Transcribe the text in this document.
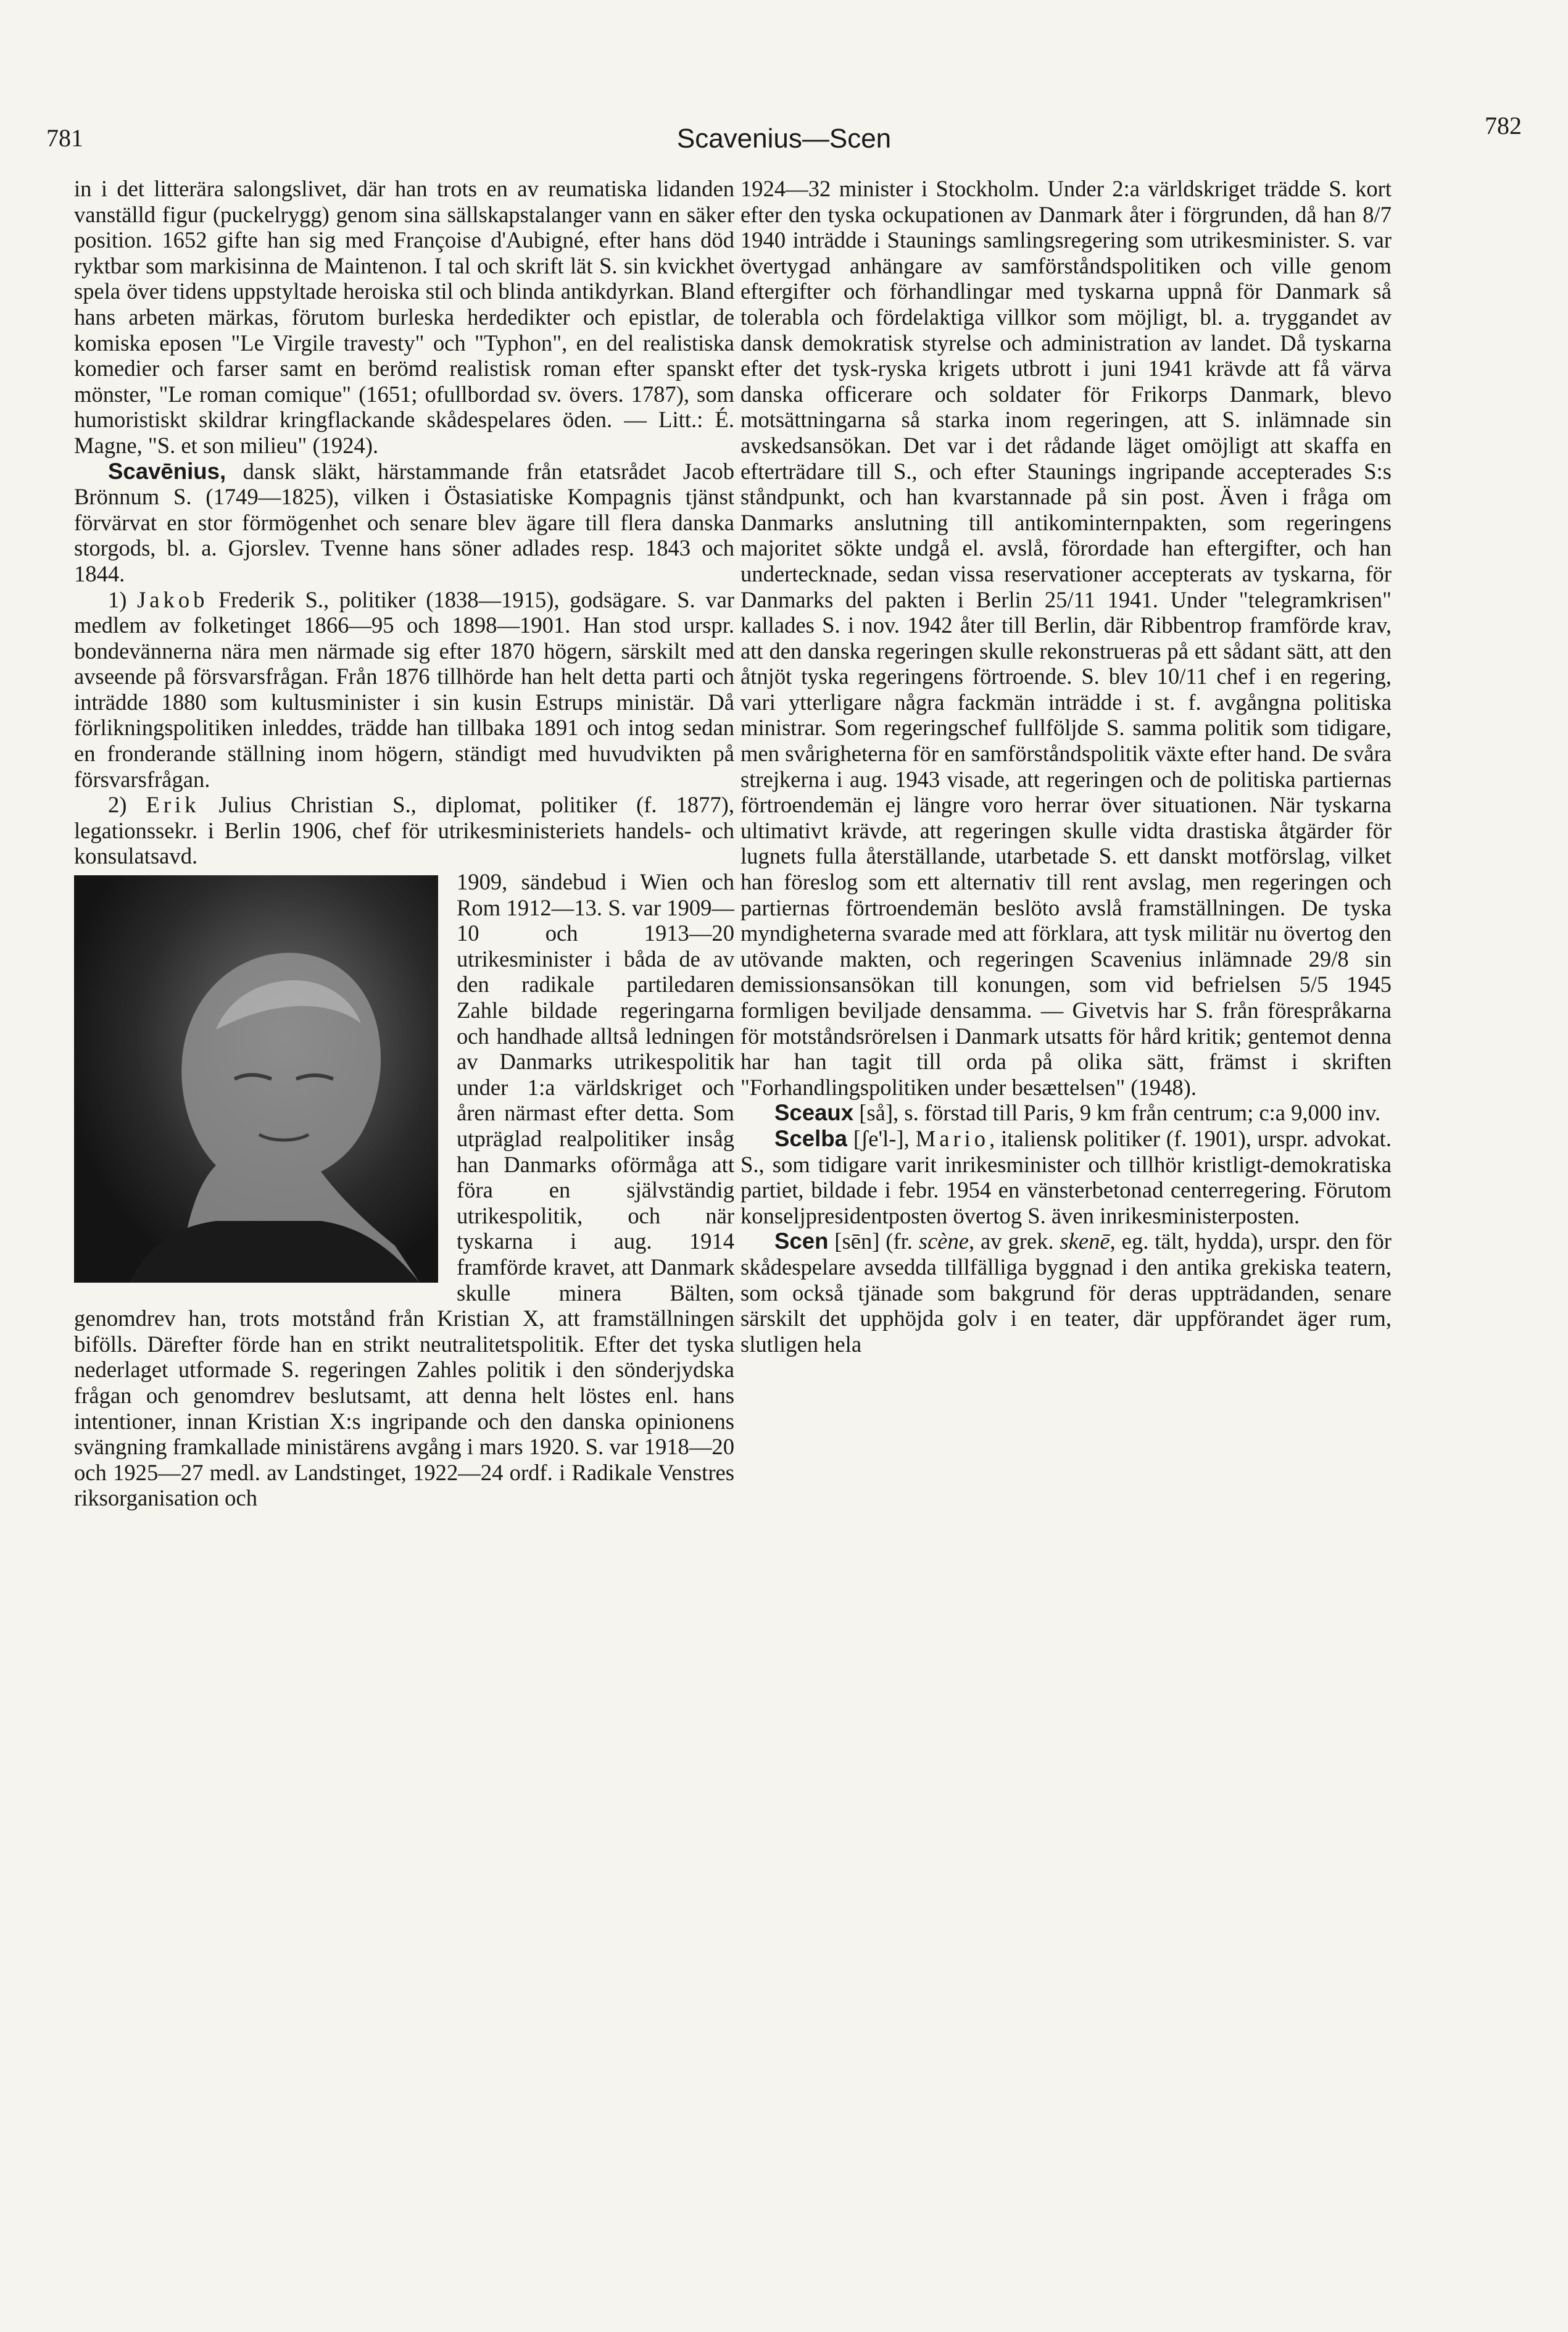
781	Scavenius—Scen	782

in i det litterära salongslivet, där han trots en av reumatiska lidanden vanställd figur (puckelrygg) genom sina sällskapstalanger vann en säker position. 1652 gifte han sig med Françoise d'Aubigné, efter hans död ryktbar som markisinna de Maintenon. I tal och skrift lät S. sin kvickhet spela över tidens uppstyltade heroiska stil och blinda antikdyrkan. Bland hans arbeten märkas, förutom burleska herdedikter och epistlar, de komiska eposen "Le Virgile travesty" och "Typhon", en del realistiska komedier och farser samt en berömd realistisk roman efter spanskt mönster, "Le roman comique" (1651; ofullbordad sv. övers. 1787), som humoristiskt skildrar kringflackande skådespelares öden. — Litt.: É. Magne, "S. et son milieu" (1924).

Scavēnius, dansk släkt, härstammande från etatsrådet Jacob Brönnum S. (1749—1825), vilken i Östasiatiske Kompagnis tjänst förvärvat en stor förmögenhet och senare blev ägare till flera danska storgods, bl. a. Gjorslev. Tvenne hans söner adlades resp. 1843 och 1844.

1) Jakob Frederik S., politiker (1838—1915), godsägare. S. var medlem av folketinget 1866—95 och 1898—1901. Han stod urspr. bondevännerna nära men närmade sig efter 1870 högern, särskilt med avseende på försvarsfrågan. Från 1876 tillhörde han helt detta parti och inträdde 1880 som kultusminister i sin kusin Estrups ministär. Då förlikningspolitiken inleddes, trädde han tillbaka 1891 och intog sedan en fronderande ställning inom högern, ständigt med huvudvikten på försvarsfrågan.

2) Erik Julius Christian S., diplomat, politiker (f. 1877), legationssekr. i Berlin 1906, chef för utrikesministeriets handels- och konsulatsavd.

1909, sändebud i Wien och Rom 1912—13. S. var 1909—10 och 1913—20 utrikesminister i båda de av den radikale partiledaren Zahle bildade regeringarna och handhade alltså ledningen av Danmarks utrikespolitik under 1:a världskriget och åren närmast efter detta. Som utpräglad realpolitiker insåg han Danmarks oförmåga att föra en självständig utrikespolitik, och när tyskarna i aug. 1914 framförde kravet, att Danmark skulle minera Bälten, genomdrev han, trots motstånd från Kristian X, att framställningen bifölls. Därefter förde han en strikt neutralitetspolitik. Efter det tyska nederlaget utformade S. regeringen Zahles politik i den sönderjydska frågan och genomdrev beslutsamt, att denna helt löstes enl. hans intentioner, innan Kristian X:s ingripande och den danska opinionens svängning framkallade ministärens avgång i mars 1920. S. var 1918—20 och 1925—27 medl. av Landstinget, 1922—24 ordf. i Radikale Venstres riksorganisation och

1924—32 minister i Stockholm. Under 2:a världskriget trädde S. kort efter den tyska ockupationen av Danmark åter i förgrunden, då han 8/7 1940 inträdde i Staunings samlingsregering som utrikesminister. S. var övertygad anhängare av samförståndspolitiken och ville genom eftergifter och förhandlingar med tyskarna uppnå för Danmark så tolerabla och fördelaktiga villkor som möjligt, bl. a. tryggandet av dansk demokratisk styrelse och administration av landet. Då tyskarna efter det tysk-ryska krigets utbrott i juni 1941 krävde att få värva danska officerare och soldater för Frikorps Danmark, blevo motsättningarna så starka inom regeringen, att S. inlämnade sin avskedsansökan. Det var i det rådande läget omöjligt att skaffa en efterträdare till S., och efter Staunings ingripande accepterades S:s ståndpunkt, och han kvarstannade på sin post. Även i fråga om Danmarks anslutning till antikominternpakten, som regeringens majoritet sökte undgå el. avslå, förordade han eftergifter, och han undertecknade, sedan vissa reservationer accepterats av tyskarna, för Danmarks del pakten i Berlin 25/11 1941. Under "telegramkrisen" kallades S. i nov. 1942 åter till Berlin, där Ribbentrop framförde krav, att den danska regeringen skulle rekonstrueras på ett sådant sätt, att den åtnjöt tyska regeringens förtroende. S. blev 10/11 chef i en regering, vari ytterligare några fackmän inträdde i st. f. avgångna politiska ministrar. Som regeringschef fullföljde S. samma politik som tidigare, men svårigheterna för en samförståndspolitik växte efter hand. De svåra strejkerna i aug. 1943 visade, att regeringen och de politiska partiernas förtroendemän ej längre voro herrar över situationen. När tyskarna ultimativt krävde, att regeringen skulle vidta drastiska åtgärder för lugnets fulla återställande, utarbetade S. ett danskt motförslag, vilket han föreslog som ett alternativ till rent avslag, men regeringen och partiernas förtroendemän beslöto avslå framställningen. De tyska myndigheterna svarade med att förklara, att tysk militär nu övertog den utövande makten, och regeringen Scavenius inlämnade 29/8 sin demissionsansökan till konungen, som vid befrielsen 5/5 1945 formligen beviljade densamma. — Givetvis har S. från förespråkarna för motståndsrörelsen i Danmark utsatts för hård kritik; gentemot denna har han tagit till orda på olika sätt, främst i skriften "Forhandlingspolitiken under besættelsen" (1948).

Sceaux [så], s. förstad till Paris, 9 km från centrum; c:a 9,000 inv.

Scelba [ʃe'l-], Mario, italiensk politiker (f. 1901), urspr. advokat. S., som tidigare varit inrikesminister och tillhör kristligt-demokratiska partiet, bildade i febr. 1954 en vänsterbetonad centerregering. Förutom konseljpresidentposten övertog S. även inrikesministerposten.

Scen [sēn] (fr. scène, av grek. skenē, eg. tält, hydda), urspr. den för skådespelare avsedda tillfälliga byggnad i den antika grekiska teatern, som också tjänade som bakgrund för deras uppträdanden, senare särskilt det upphöjda golv i en teater, där uppförandet äger rum, slutligen hela
